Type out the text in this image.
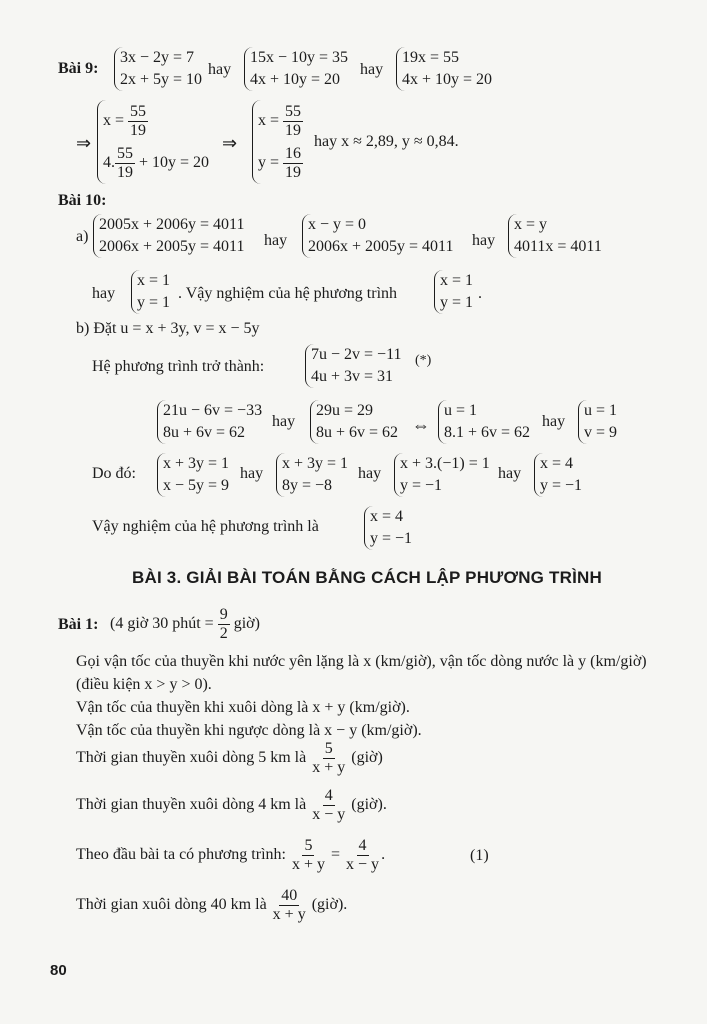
Bài 9:
3x − 2y = 7
2x + 5y = 10
hay
15x − 10y = 35
4x + 10y = 20
hay
19x = 55
4x + 10y = 20
⇒
$x = \frac{55}{19}$
4. $\frac{55}{19} + 10y = 20$
⇒
$x = \frac{55}{19}$
$y = \frac{16}{19}$
hay x ≈ 2,89, y ≈ 0,84.
Bài 10:
a)
2005x + 2006y = 4011
2006x + 2005y = 4011 hay
x − y = 0
2006x + 2005y = 4011 hay
x = y
4011x = 4011
hay
x = 1
y = 1
. Vậy nghiệm của hệ phương trình
x = 1
y = 1
.
b) Đặt u = x + 3y, v = x − 5y
Hệ phương trình trở thành:
7u − 2v = −11
4u + 3v = 31
(*)
21u − 6v = −33
8u + 6v = 62
hay
29u = 29
8u + 6v = 62 ⇔
u = 1
8.1 + 6v = 62
hay
u = 1
v = 9
Do đó:
x + 3y = 1
x − 5y = 9
hay
x + 3y = 1
8y = −8
hay
x + 3.(−1) = 1
y = −1
hay
x = 4
y = −1
Vậy nghiệm của hệ phương trình là
x = 4
y = −1
BÀI 3. GIẢI BÀI TOÁN BẰNG CÁCH LẬP PHƯƠNG TRÌNH
Bài 1: (4 giờ 30 phút = $\frac{9}{2}$ giờ)
Gọi vận tốc của thuyền khi nước yên lặng là x (km/giờ), vận tốc dòng nước là y (km/giờ)
(điều kiện x > y > 0).
Vận tốc của thuyền khi xuôi dòng là x + y (km/giờ).
Vận tốc của thuyền khi ngược dòng là x − y (km/giờ).
Thời gian thuyền xuôi dòng 5 km là $\frac{5}{x + y}$ (giờ)
Thời gian thuyền xuôi dòng 4 km là $\frac{4}{x - y}$ (giờ).
Theo đầu bài ta có phương trình: $\frac{5}{x + y} = \frac{4}{x - y}$ .	(1)
Thời gian xuôi dòng 40 km là $\frac{40}{x + y}$ (giờ).
80
